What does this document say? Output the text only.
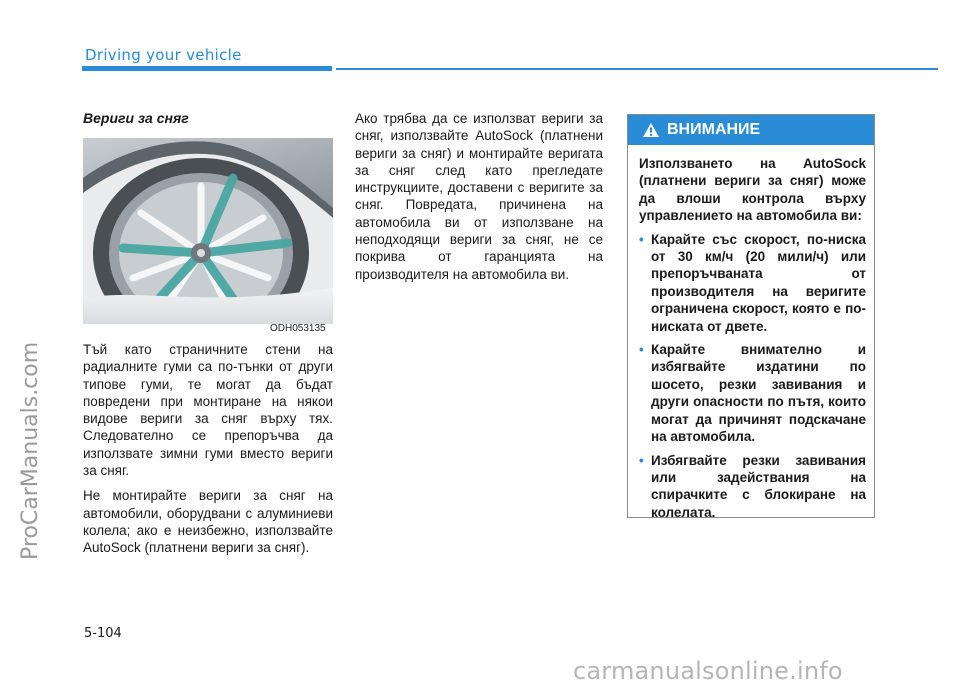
Driving your vehicle
ProCarManuals.com
Вериги за сняг
ODH053135

Тъй като страничните стени на радиалните гуми са по-тънки от други типове гуми, те могат да бъдат повредени при монтиране на някои видове вериги за сняг върху тях. Следователно се препоръчва да използвате зимни гуми вместо вериги за сняг.

Не монтирайте вериги за сняг на автомобили, оборудвани с алуминиеви колела; ако е неизбежно, използвайте AutoSock (платнени вериги за сняг).

Ако трябва да се използват вериги за сняг, използвайте AutoSock (платнени вериги за сняг) и монтирайте веригата за сняг след като прегледате инструкциите, доставени с веригите за сняг. Повредата, причинена на автомобила ви от използване на неподходящи вериги за сняг, не се покрива от гаранцията на производителя на автомобила ви.

ВНИМАНИЕ

Използването на AutoSock (платнени вериги за сняг) може да влоши контрола върху управлението на автомобила ви:

• Карайте със скорост, по-ниска от 30 км/ч (20 мили/ч) или препоръчваната от производителя на веригите ограничена скорост, която е по-ниската от двете.
• Карайте внимателно и избягвайте издатини по шосето, резки завивания и други опасности по пътя, които могат да причинят подскачане на автомобила.
• Избягвайте резки завивания или задействания на спирачките с блокиране на колелата.
5-104
carmanualsonline.info
